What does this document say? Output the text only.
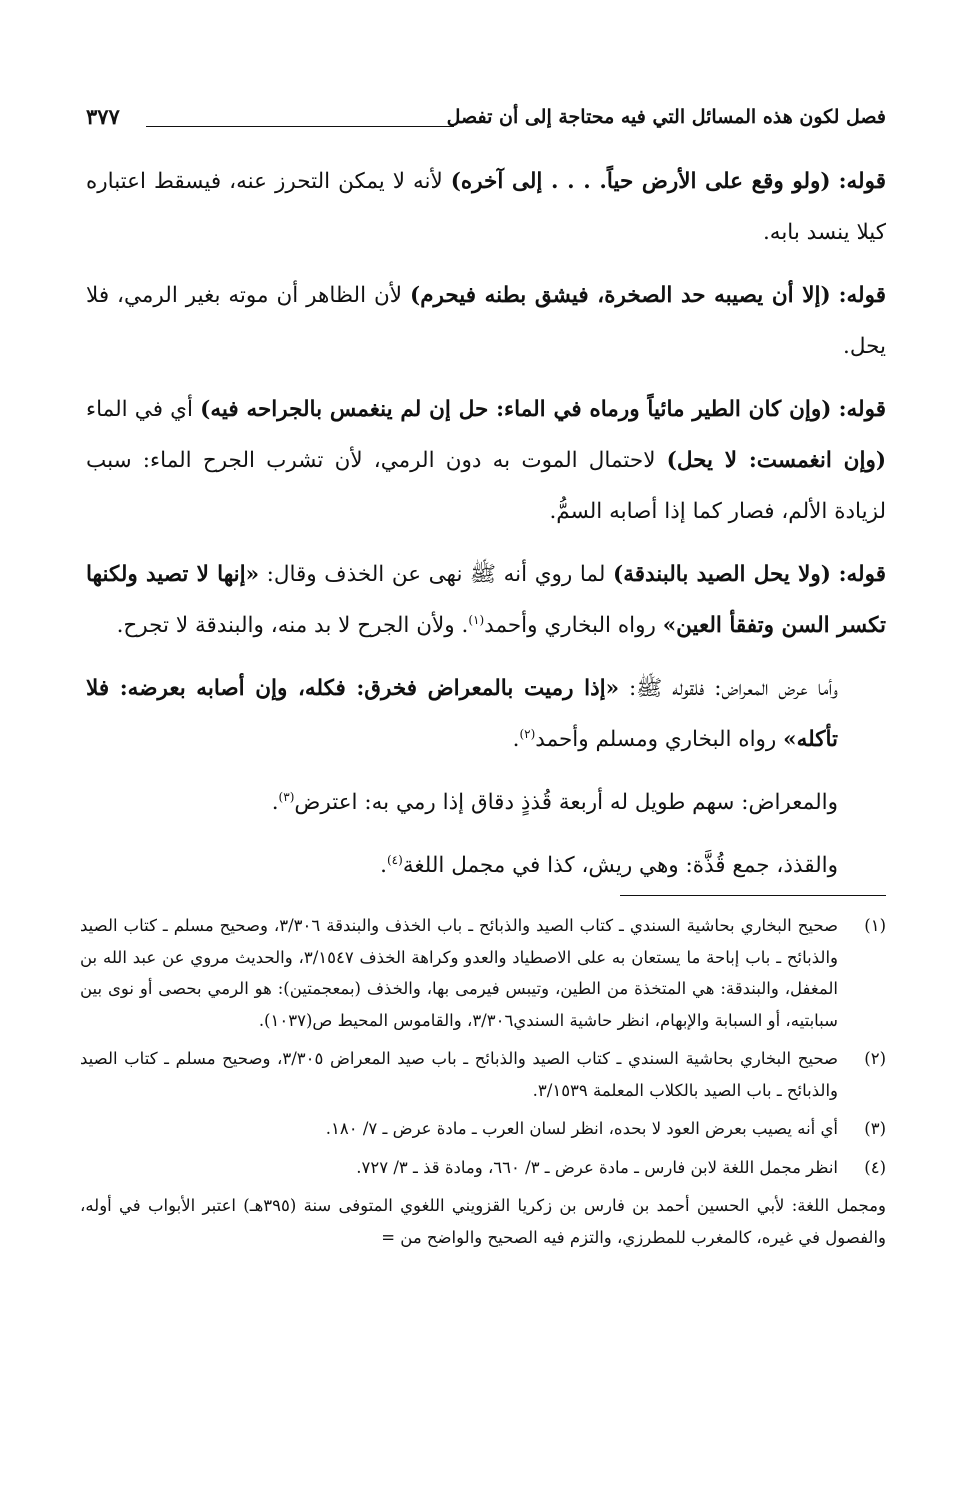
فصل لكون هذه المسائل التي فيه محتاجة إلى أن تفصل
٣٧٧

قوله: (ولو وقع على الأرض حياً. . . . إلى آخره) لأنه لا يمكن التحرز عنه، فيسقط اعتباره كيلا ينسد بابه.

قوله: (إلا أن يصيبه حد الصخرة، فيشق بطنه فيحرم) لأن الظاهر أن موته بغير الرمي، فلا يحل.

قوله: (وإن كان الطير مائياً ورماه في الماء: حل إن لم ينغمس بالجراحه فيه) أي في الماء (وإن انغمست: لا يحل) لاحتمال الموت به دون الرمي، لأن تشرب الجرح الماء: سبب لزيادة الألم، فصار كما إذا أصابه السمُّ.

قوله: (ولا يحل الصيد بالبندقة) لما روي أنه ﷺ نهى عن الخذف وقال: «إنها لا تصيد ولكنها تكسر السن وتفقأ العين» رواه البخاري وأحمد$^{(١)}$. ولأن الجرح لا بد منه، والبندقة لا تجرح.

وأما عرض المعراض: فلقوله ﷺ: «إذا رميت بالمعراض فخرق: فكله، وإن أصابه بعرضه: فلا تأكله» رواه البخاري ومسلم وأحمد$^{(٢)}$.

والمعراض: سهم طويل له أربعة قُذذٍ دقاق إذا رمي به: اعترض$^{(٣)}$.

والقذذ، جمع قُذَّة: وهي ريش، كذا في مجمل اللغة$^{(٤)}$.

(١)
صحيح البخاري بحاشية السندي ـ كتاب الصيد والذبائح ـ باب الخذف والبندقة ٣/٣٠٦، وصحيح مسلم ـ كتاب الصيد والذبائح ـ باب إباحة ما يستعان به على الاصطياد والعدو وكراهة الخذف ٣/١٥٤٧، والحديث مروي عن عبد الله بن المغفل، والبندقة: هي المتخذة من الطين، وتيبس فيرمى بها، والخذف (بمعجمتين): هو الرمي بحصى أو نوى بين سبابتيه، أو السبابة والإبهام، انظر حاشية السندي٣/٣٠٦، والقاموس المحيط ص(١٠٣٧).
(٢)
صحيح البخاري بحاشية السندي ـ كتاب الصيد والذبائح ـ باب صيد المعراض ٣/٣٠٥، وصحيح مسلم ـ كتاب الصيد والذبائح ـ باب الصيد بالكلاب المعلمة ٣/١٥٣٩.
(٣)
أي أنه يصيب بعرض العود لا بحده، انظر لسان العرب ـ مادة عرض ـ ٧/ ١٨٠.
(٤)
انظر مجمل اللغة لابن فارس ـ مادة عرض ـ ٣/ ٦٦٠، ومادة قذ ـ ٣/ ٧٢٧.
ومجمل اللغة: لأبي الحسين أحمد بن فارس بن زكريا القزويني اللغوي المتوفى سنة (٣٩٥هـ) اعتبر الأبواب في أوله، والفصول في غيره، كالمغرب للمطرزي، والتزم فيه الصحيح والواضح من =
